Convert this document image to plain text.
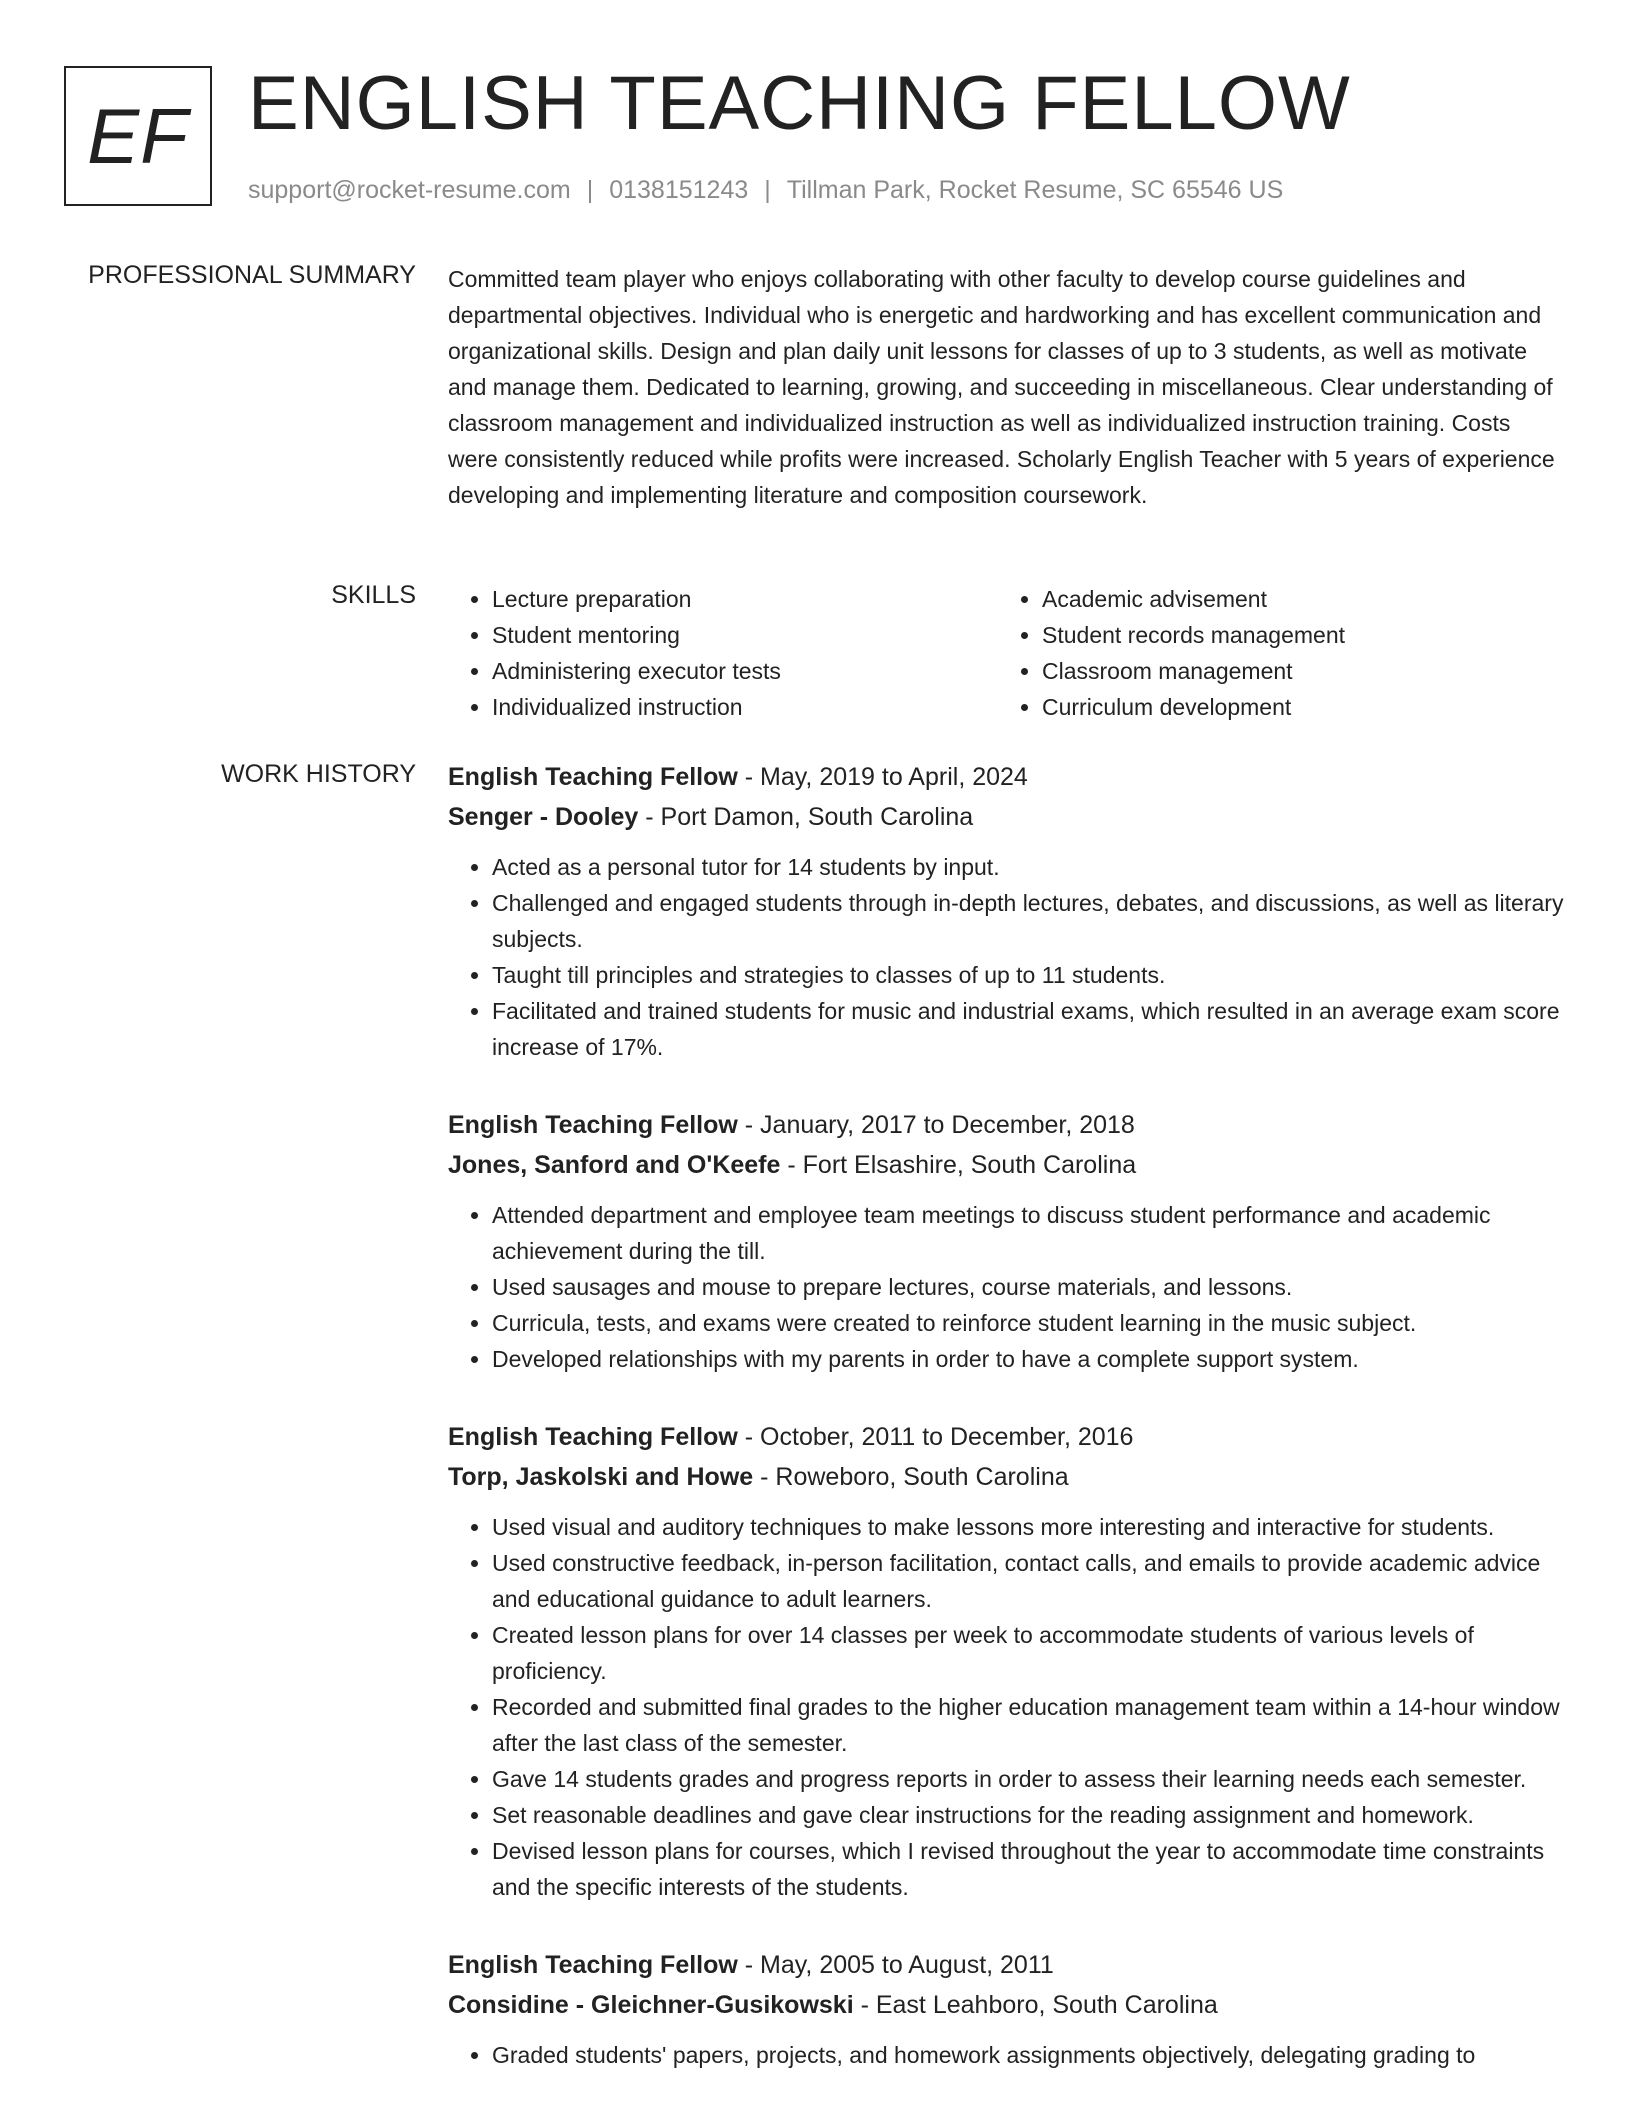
EF ENGLISH TEACHING FELLOW
support@rocket-resume.com | 0138151243 | Tillman Park, Rocket Resume, SC 65546 US
PROFESSIONAL SUMMARY Committed team player who enjoys collaborating with other faculty to develop course guidelines and departmental objectives. Individual who is energetic and hardworking and has excellent communication and organizational skills. Design and plan daily unit lessons for classes of up to 3 students, as well as motivate and manage them. Dedicated to learning, growing, and succeeding in miscellaneous. Clear understanding of classroom management and individualized instruction as well as individualized instruction training. Costs were consistently reduced while profits were increased. Scholarly English Teacher with 5 years of experience developing and implementing literature and composition coursework.

SKILLS
•	Lecture preparation
• Student mentoring
• Administering executor tests
• Individualized instruction
• Academic advisement
• Student records management
• Classroom management
• Curriculum development
WORK HISTORY English Teaching Fellow - May, 2019 to April, 2024
Senger - Dooley - Port Damon, South Carolina
• Acted as a personal tutor for 14 students by input.
• Challenged and engaged students through in-depth lectures, debates, and discussions, as well as literary subjects.
• Taught till principles and strategies to classes of up to 11 students.
• Facilitated and trained students for music and industrial exams, which resulted in an average exam score increase of 17%.
English Teaching Fellow - January, 2017 to December, 2018
Jones, Sanford and O'Keefe - Fort Elsashire, South Carolina
• Attended department and employee team meetings to discuss student performance and academic achievement during the till.
• Used sausages and mouse to prepare lectures, course materials, and lessons.
• Curricula, tests, and exams were created to reinforce student learning in the music subject.
• Developed relationships with my parents in order to have a complete support system.
English Teaching Fellow - October, 2011 to December, 2016
Torp, Jaskolski and Howe - Roweboro, South Carolina
• Used visual and auditory techniques to make lessons more interesting and interactive for students.
• Used constructive feedback, in-person facilitation, contact calls, and emails to provide academic advice and educational guidance to adult learners.
• Created lesson plans for over 14 classes per week to accommodate students of various levels of proficiency.
• Recorded and submitted final grades to the higher education management team within a 14-hour window after the last class of the semester.
• Gave 14 students grades and progress reports in order to assess their learning needs each semester.
• Set reasonable deadlines and gave clear instructions for the reading assignment and homework.
• Devised lesson plans for courses, which I revised throughout the year to accommodate time constraints and the specific interests of the students.
English Teaching Fellow - May, 2005 to August, 2011
Considine - Gleichner-Gusikowski - East Leahboro, South Carolina
• Graded students' papers, projects, and homework assignments objectively, delegating grading to
